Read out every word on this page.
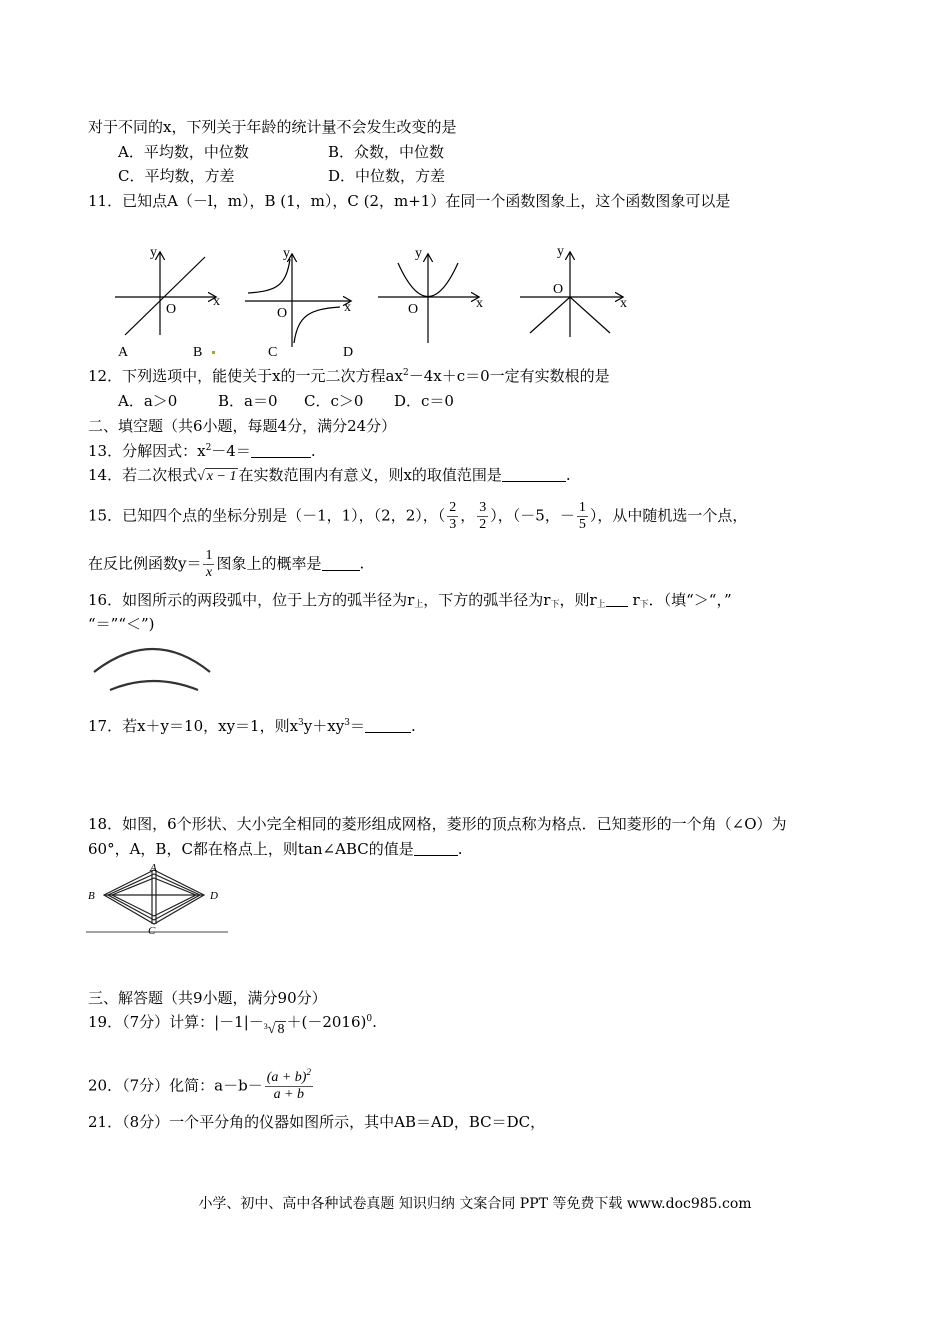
对于不同的x，下列关于年龄的统计量不会发生改变的是
A．平均数，中位数	B．众数，中位数
C．平均数，方差	D．中位数，方差
11．已知点A（－l，m），B (1，m），C (2，m+1）在同一个函数图象上，这个函数图象可以是
y
x
O
y
x
O
y
x
O
y
x
O
A	B	C	D
12．下列选项中，能使关于x的一元二次方程$ax^2-4x+c=0$一定有实数根的是
A．a＞0	B．a＝0 C．c＞0 D．c＝0
二、填空题（共6小题，每题4分，满分24分）
13．分解因式：$x^2-4=$	.
14．若二次根式√ x − 1 在实数范围内有意义，则x的取值范围是	.
15．已知四个点的坐标分别是（－1，1），（2，2），（ $\frac{2}{3}$ ， $\frac{3}{2}$ ），（－5，－ $\frac{1}{5}$ ），从中随机选一个点，
在反比例函数$y= \frac{1}{x}$ 图象上的概率是	.
16．如图所示的两段弧中，位于上方的弧半径为$r_上$，下方的弧半径为$r_下$，则$r_上$ $r_下$．（填“＞“，”
“＝”“＜”)
17．若x＋y＝10，xy＝1，则$x^3y+xy^3=$	.
18．如图，6个形状、大小完全相同的菱形组成网格，菱形的顶点称为格点．已知菱形的一个角（∠O）为
60°，A，B，C都在格点上，则tan∠ABC的值是	.
A
B
C
D
三、解答题（共9小题，满分90分）
19．（7分）计算：|－1|－$^3$√ $8 +(-2016)^0$.
20．（7分）化简：$a-b- \frac{(a + b)^2}{a + b}$
21．（8分）一个平分角的仪器如图所示，其中AB＝AD，BC＝DC，
小学、初中、高中各种试卷真题 知识归纳 文案合同 PPT 等免费下载 www.doc985.com
